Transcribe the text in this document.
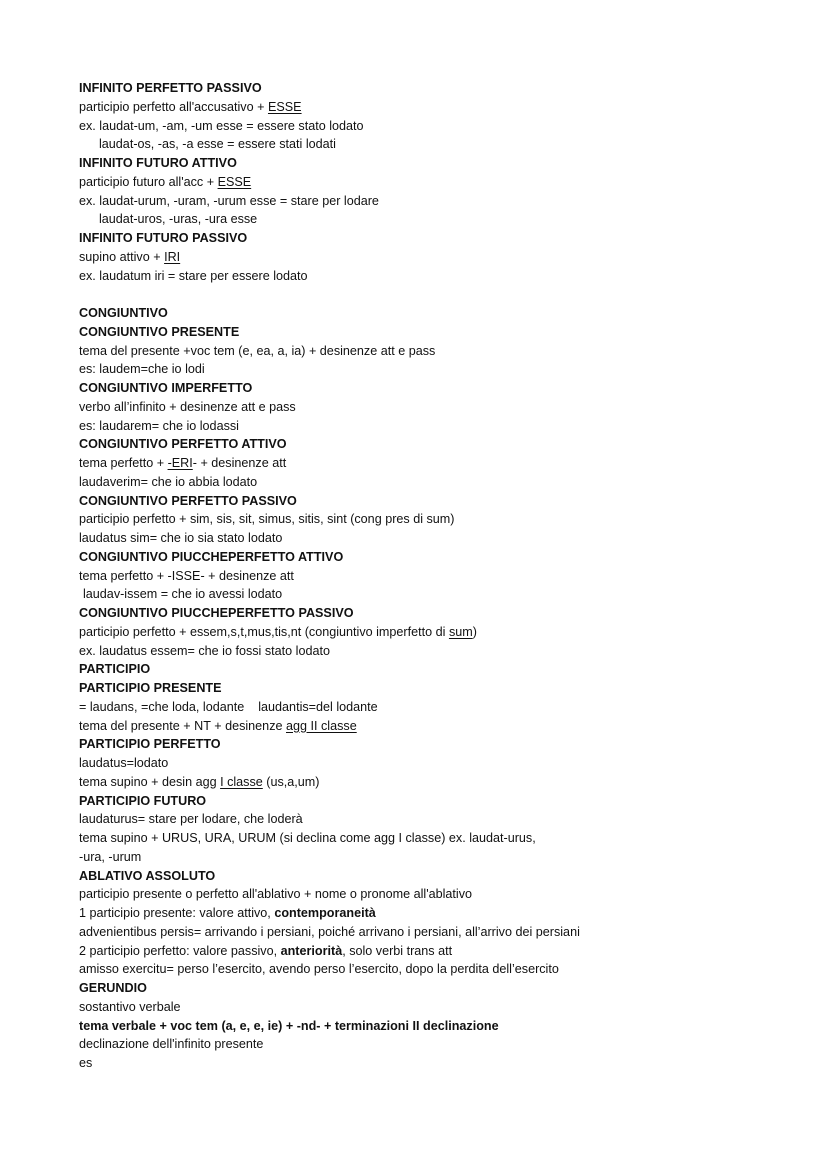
INFINITO PERFETTO PASSIVO
participio perfetto all'accusativo + ESSE
ex. laudat-um, -am, -um esse = essere stato lodato
laudat-os, -as, -a esse = essere stati lodati
INFINITO FUTURO ATTIVO
participio futuro all'acc + ESSE
ex. laudat-urum, -uram, -urum esse = stare per lodare
laudat-uros, -uras, -ura esse
INFINITO FUTURO PASSIVO
supino attivo + IRI
ex. laudatum iri = stare per essere lodato
CONGIUNTIVO
CONGIUNTIVO PRESENTE
tema del presente +voc tem (e, ea, a, ia) + desinenze att e pass
es: laudem=che io lodi
CONGIUNTIVO IMPERFETTO
verbo all’infinito + desinenze att e pass
es: laudarem= che io lodassi
CONGIUNTIVO PERFETTO ATTIVO
tema perfetto + -ERI- + desinenze att
laudaverim= che io abbia lodato
CONGIUNTIVO PERFETTO PASSIVO
participio perfetto + sim, sis, sit, simus, sitis, sint (cong pres di sum)
laudatus sim= che io sia stato lodato
CONGIUNTIVO PIUCCHEPERFETTO ATTIVO
tema perfetto + -ISSE- + desinenze att
laudav-issem = che io avessi lodato
CONGIUNTIVO PIUCCHEPERFETTO PASSIVO
participio perfetto + essem,s,t,mus,tis,nt (congiuntivo imperfetto di sum)
ex. laudatus essem= che io fossi stato lodato
PARTICIPIO
PARTICIPIO PRESENTE
= laudans, =che loda, lodante    laudantis=del lodante
tema del presente + NT + desinenze agg II classe
PARTICIPIO PERFETTO
laudatus=lodato
tema supino + desin agg I classe (us,a,um)
PARTICIPIO FUTURO
laudaturus= stare per lodare, che loderà
tema supino + URUS, URA, URUM (si declina come agg I classe) ex. laudat-urus,
-ura, -urum
ABLATIVO ASSOLUTO
participio presente o perfetto all'ablativo + nome o pronome all'ablativo
1 participio presente: valore attivo, contemporaneità
advenientibus persis= arrivando i persiani, poiché arrivano i persiani, all’arrivo dei persiani
2 participio perfetto: valore passivo, anteriorità, solo verbi trans att
amisso exercitu= perso l’esercito, avendo perso l’esercito, dopo la perdita dell’esercito
GERUNDIO
sostantivo verbale
tema verbale + voc tem (a, e, e, ie) + -nd- + terminazioni II declinazione
declinazione dell'infinito presente
es
